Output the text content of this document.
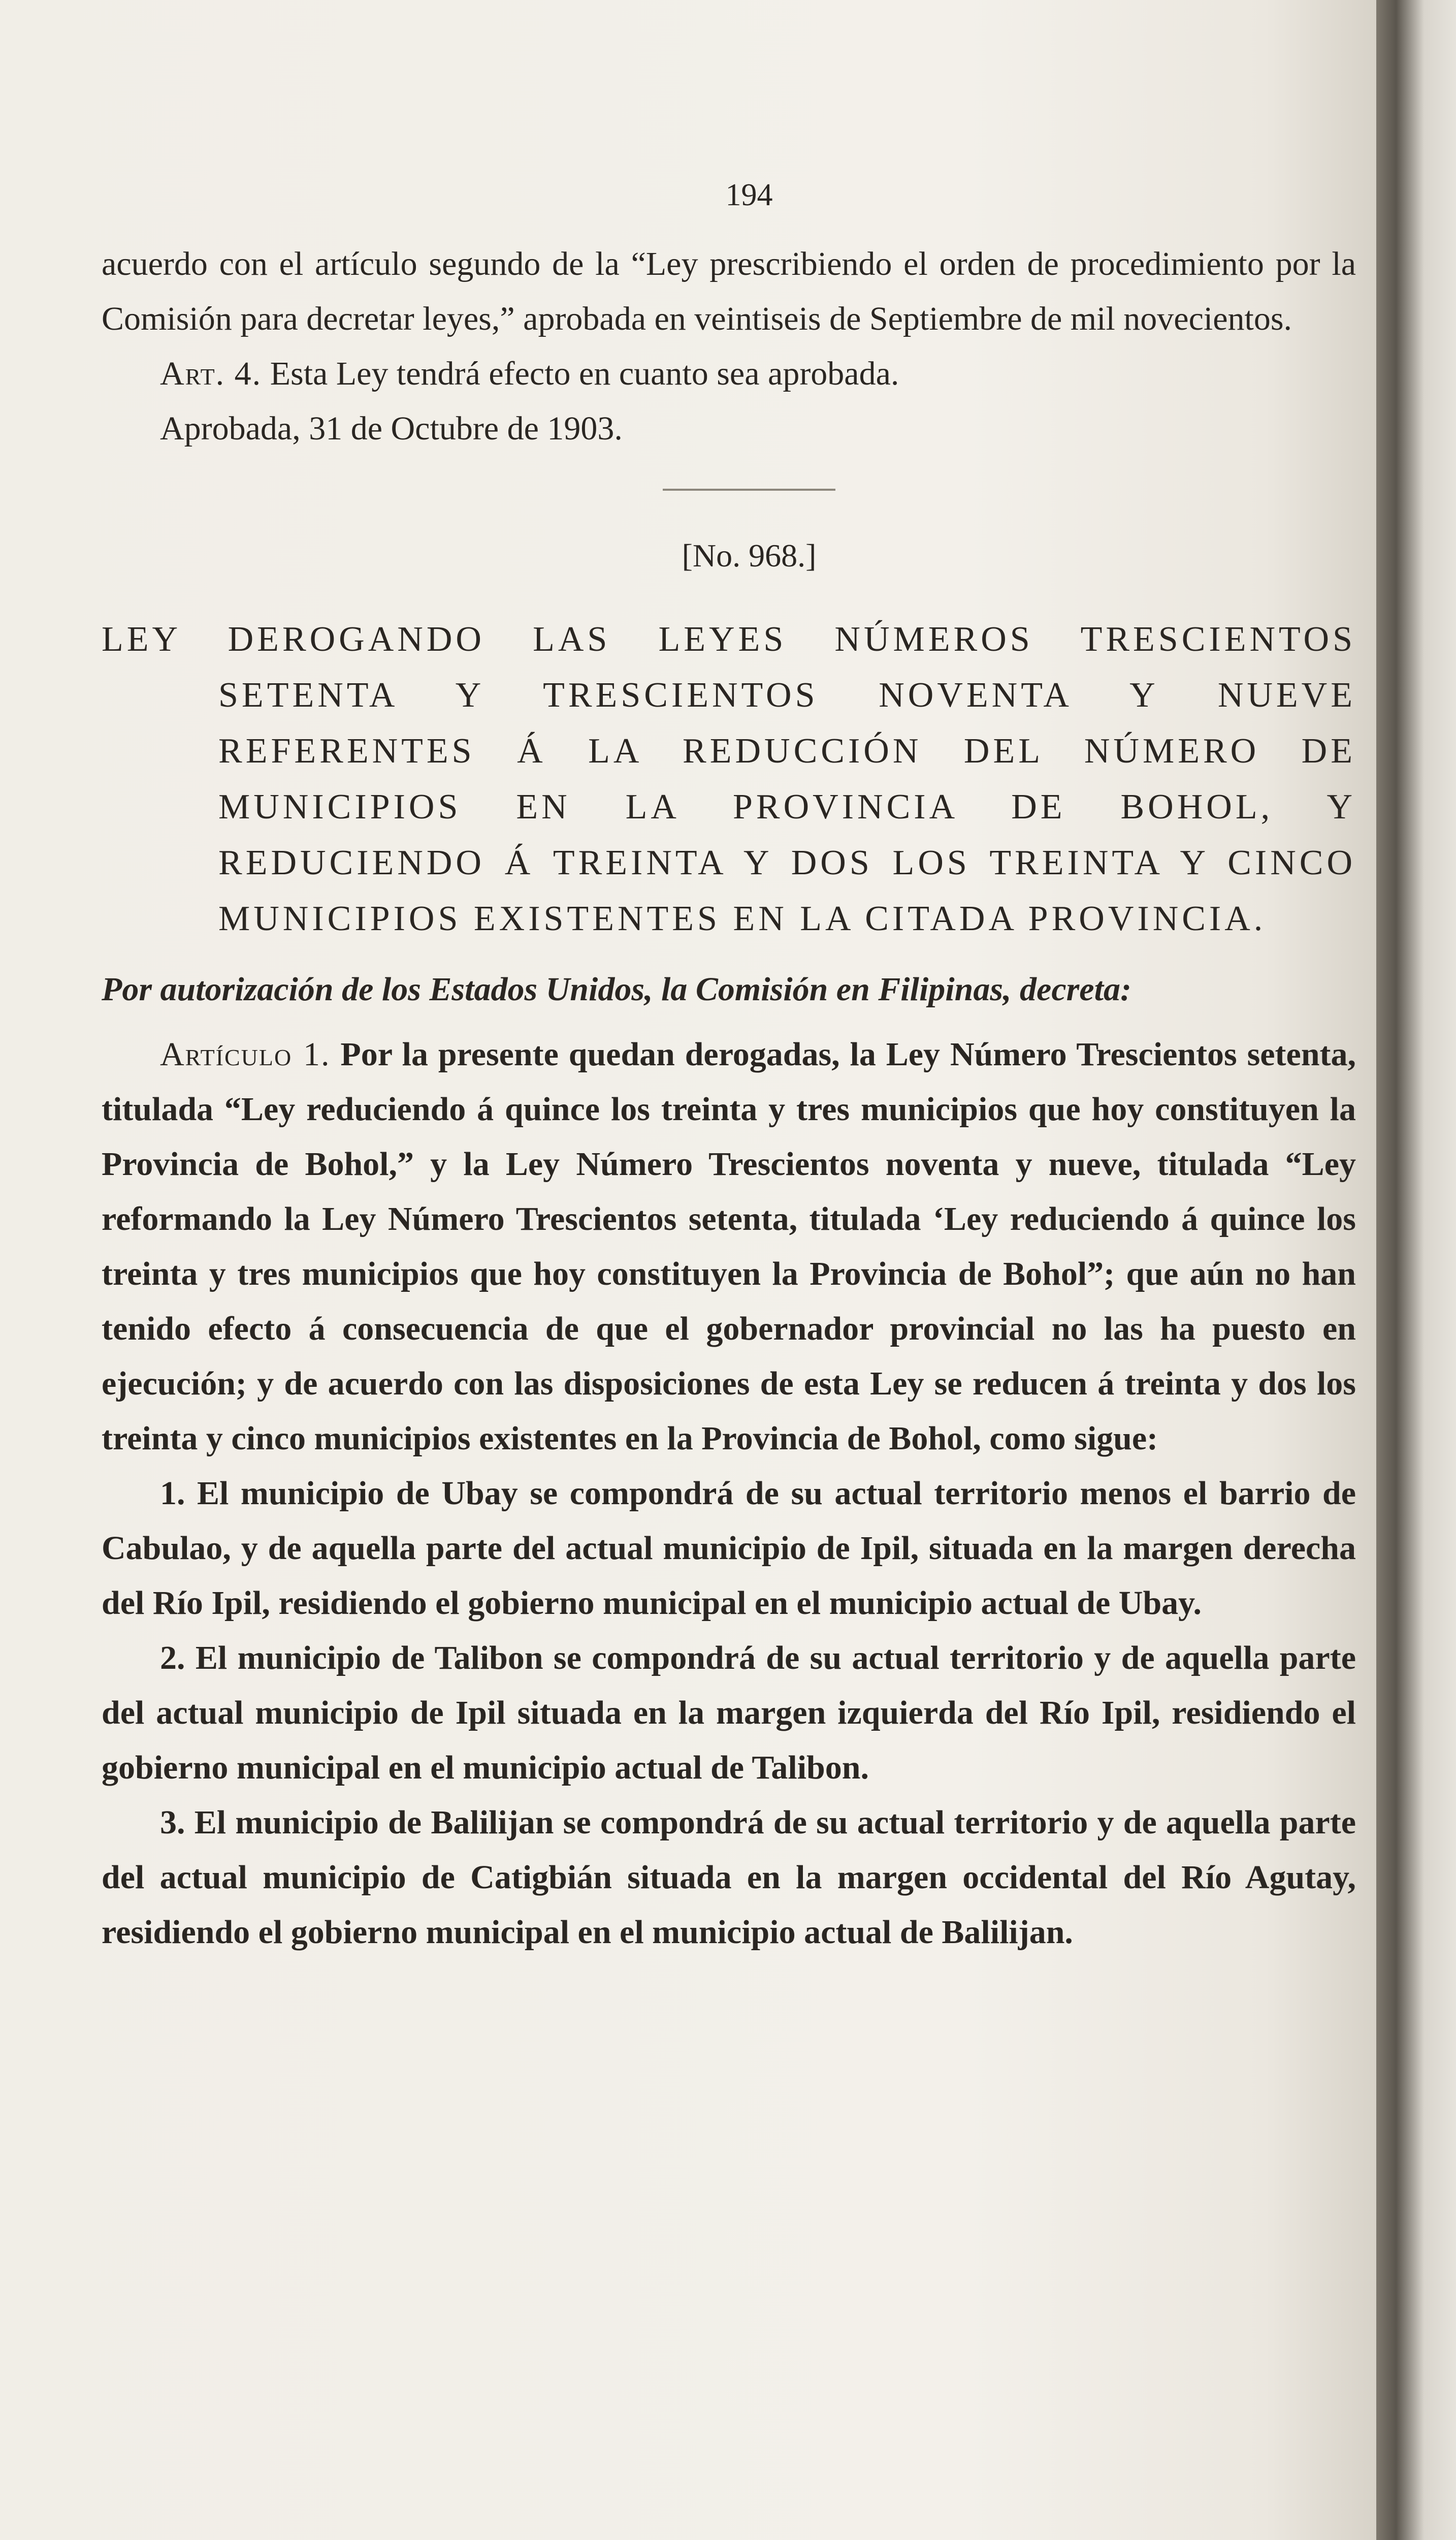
194

acuerdo con el artículo segundo de la “Ley prescribiendo el orden de procedimiento por la Comisión para decretar leyes,” aprobada en veintiseis de Septiembre de mil novecientos.

Art. 4. Esta Ley tendrá efecto en cuanto sea aprobada.

Aprobada, 31 de Octubre de 1903.

[No. 968.]

LEY DEROGANDO LAS LEYES NÚMEROS TRESCIENTOS SETENTA Y TRESCIENTOS NOVENTA Y NUEVE REFERENTES Á LA REDUCCIÓN DEL NÚMERO DE MUNICIPIOS EN LA PROVINCIA DE BOHOL, Y REDUCIENDO Á TREINTA Y DOS LOS TREINTA Y CINCO MUNICIPIOS EXISTENTES EN LA CITADA PROVINCIA.

Por autorización de los Estados Unidos, la Comisión en Filipinas, decreta:

Artículo 1. Por la presente quedan derogadas, la Ley Número Trescientos setenta, titulada “Ley reduciendo á quince los treinta y tres municipios que hoy constituyen la Provincia de Bohol,” y la Ley Número Trescientos noventa y nueve, titulada “Ley reformando la Ley Número Trescientos setenta, titulada ‘Ley reduciendo á quince los treinta y tres municipios que hoy constituyen la Provincia de Bohol”; que aún no han tenido efecto á consecuencia de que el gobernador provincial no las ha puesto en ejecución; y de acuerdo con las disposiciones de esta Ley se reducen á treinta y dos los treinta y cinco municipios existentes en la Provincia de Bohol, como sigue:

1. El municipio de Ubay se compondrá de su actual territorio menos el barrio de Cabulao, y de aquella parte del actual municipio de Ipil, situada en la margen derecha del Río Ipil, residiendo el gobierno municipal en el municipio actual de Ubay.

2. El municipio de Talibon se compondrá de su actual territorio y de aquella parte del actual municipio de Ipil situada en la margen izquierda del Río Ipil, residiendo el gobierno municipal en el municipio actual de Talibon.

3. El municipio de Balilijan se compondrá de su actual territorio y de aquella parte del actual municipio de Catigbián situada en la margen occidental del Río Agutay, residiendo el gobierno municipal en el municipio actual de Balilijan.
